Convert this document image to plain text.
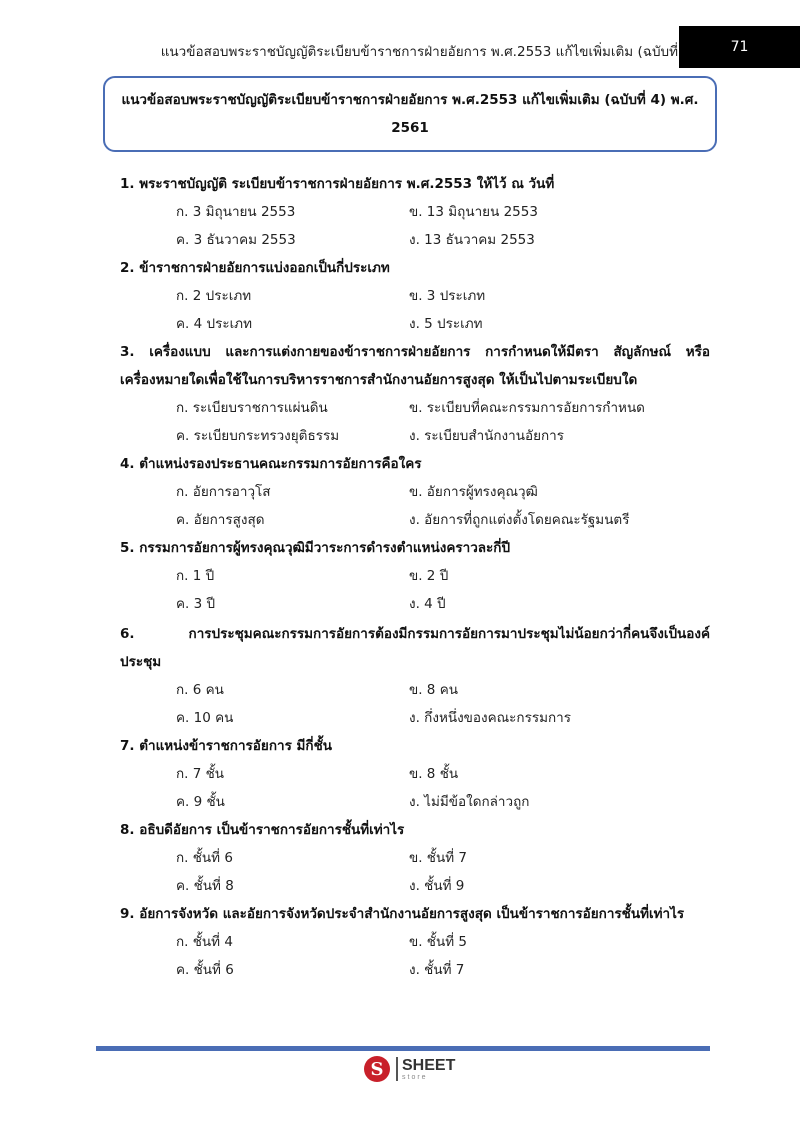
แนวข้อสอบพระราชบัญญัติระเบียบข้าราชการฝ่ายอัยการ พ.ศ.2553 แก้ไขเพิ่มเติม (ฉบับที่	71
แนวข้อสอบพระราชบัญญัติระเบียบข้าราชการฝ่ายอัยการ พ.ศ.2553 แก้ไขเพิ่มเติม (ฉบับที่ 4) พ.ศ.
2561
1. พระราชบัญญัติ ระเบียบข้าราชการฝ่ายอัยการ พ.ศ.2553 ให้ไว้ ณ วันที่
ก. 3 มิถุนายน 2553	ข. 13 มิถุนายน 2553
ค. 3 ธันวาคม 2553	ง. 13 ธันวาคม 2553
2. ข้าราชการฝ่ายอัยการแบ่งออกเป็นกี่ประเภท
ก. 2 ประเภท	ข. 3 ประเภท
ค. 4 ประเภท	ง. 5 ประเภท
3. เครื่องแบบ และการแต่งกายของข้าราชการฝ่ายอัยการ การกำหนดให้มีตรา สัญลักษณ์ หรือ
เครื่องหมายใดเพื่อใช้ในการบริหารราชการสำนักงานอัยการสูงสุด ให้เป็นไปตามระเบียบใด
ก. ระเบียบราชการแผ่นดิน	ข. ระเบียบที่คณะกรรมการอัยการกำหนด
ค. ระเบียบกระทรวงยุติธรรม	ง. ระเบียบสำนักงานอัยการ
4. ตำแหน่งรองประธานคณะกรรมการอัยการคือใคร
ก. อัยการอาวุโส	ข. อัยการผู้ทรงคุณวุฒิ
ค. อัยการสูงสุด	ง. อัยการที่ถูกแต่งตั้งโดยคณะรัฐมนตรี
5. กรรมการอัยการผู้ทรงคุณวุฒิมีวาระการดำรงตำแหน่งคราวละกี่ปี
ก. 1 ปี	ข. 2 ปี
ค. 3 ปี	ง. 4 ปี
6. การประชุมคณะกรรมการอัยการต้องมีกรรมการอัยการมาประชุมไม่น้อยกว่ากี่คนจึงเป็นองค์
ประชุม
ก. 6 คน	ข. 8 คน
ค. 10 คน	ง. กึ่งหนึ่งของคณะกรรมการ
7. ตำแหน่งข้าราชการอัยการ มีกี่ชั้น
ก. 7 ชั้น	ข. 8 ชั้น
ค. 9 ชั้น	ง. ไม่มีข้อใดกล่าวถูก
8. อธิบดีอัยการ เป็นข้าราชการอัยการชั้นที่เท่าไร
ก. ชั้นที่ 6	ข. ชั้นที่ 7
ค. ชั้นที่ 8	ง. ชั้นที่ 9
9. อัยการจังหวัด และอัยการจังหวัดประจำสำนักงานอัยการสูงสุด เป็นข้าราชการอัยการชั้นที่เท่าไร
ก. ชั้นที่ 4	ข. ชั้นที่ 5
ค. ชั้นที่ 6	ง. ชั้นที่ 7
S	SHEET
store
